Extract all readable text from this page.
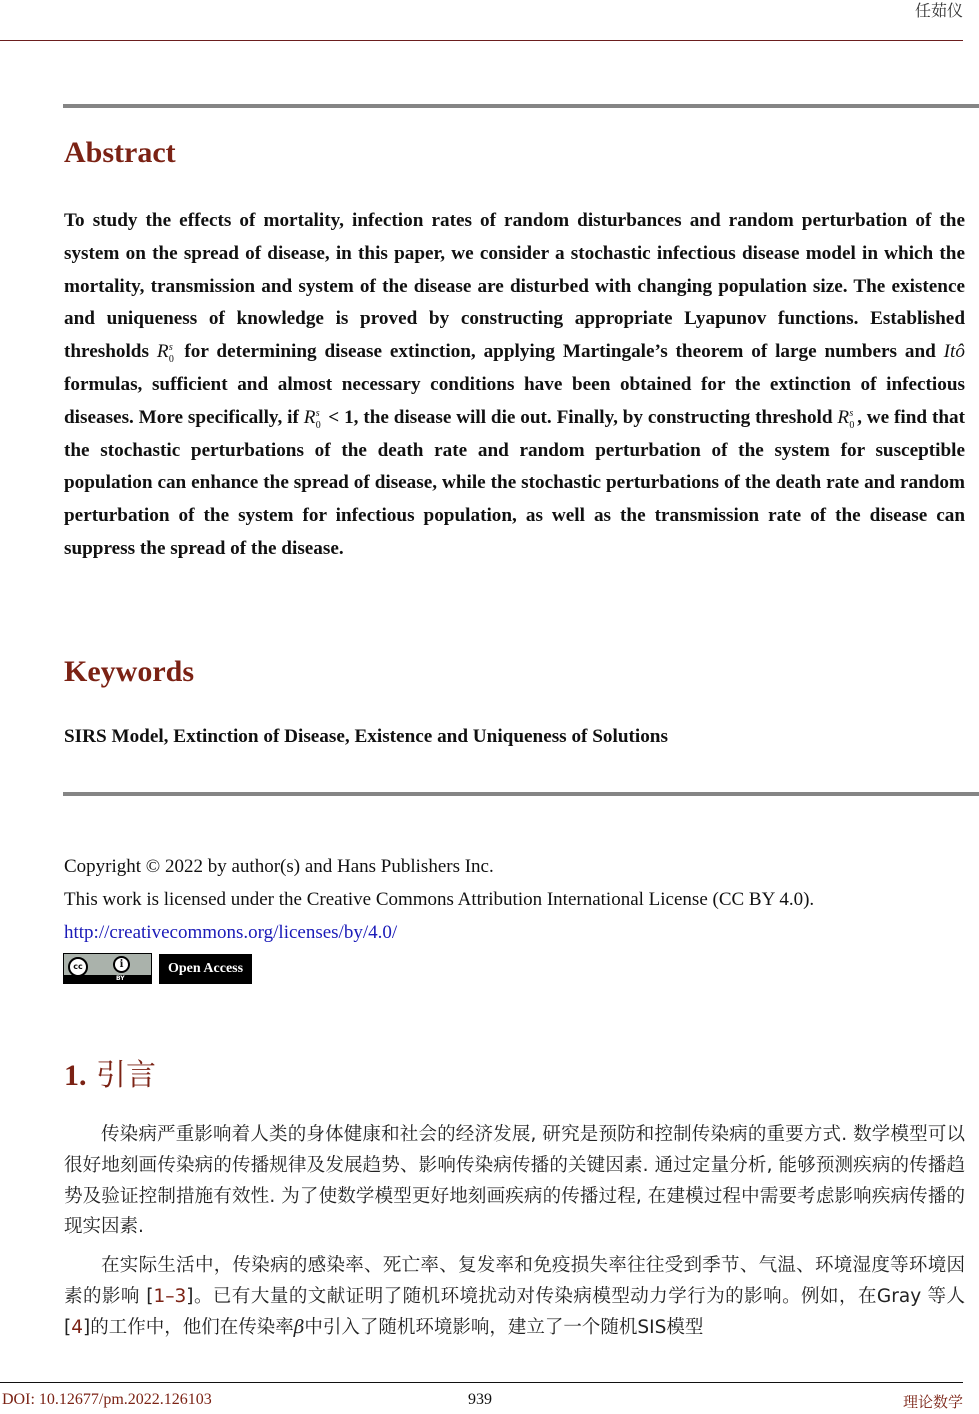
任茹仪
Abstract
To study the effects of mortality, infection rates of random disturbances and random perturbation of the system on the spread of disease, in this paper, we consider a stochastic infectious disease model in which the mortality, transmission and system of the disease are disturbed with changing population size. The existence and uniqueness of knowledge is proved by constructing appropriate Lyapunov functions. Established thresholds R s
0 for determining disease extinction, applying Martingale’s theorem of large numbers and Itô formulas, sufficient and almost necessary conditions have been obtained for the extinction of infectious diseases. More specifically, if R s
0 < 1, the disease will die out. Finally, by constructing threshold R s
0 , we find that the stochastic perturbations of the death rate and random perturbation of the system for susceptible population can enhance the spread of disease, while the stochastic perturbations of the death rate and random perturbation of the system for infectious population, as well as the transmission rate of the disease can suppress the spread of the disease.
Keywords
SIRS Model, Extinction of Disease, Existence and Uniqueness of Solutions
Copyright © 2022 by author(s) and Hans Publishers Inc.
This work is licensed under the Creative Commons Attribution International License (CC BY 4.0).
http://creativecommons.org/licenses/by/4.0/
cc	i
BY
Open Access
1. 引言

传染病严重影响着人类的身体健康和社会的经济发展, 研究是预防和控制传染病的重要方式. 数学模型可以很好地刻画传染病的传播规律及发展趋势、影响传染病传播的关键因素. 通过定量分析, 能够预测疾病的传播趋势及验证控制措施有效性. 为了使数学模型更好地刻画疾病的传播过程, 在建模过程中需要考虑影响疾病传播的现实因素.

在实际生活中，传染病的感染率、死亡率、复发率和免疫损失率往往受到季节、气温、环境湿度等环境因素的影响 [1–3]。已有大量的文献证明了随机环境扰动对传染病模型动力学行为的影响。例如，在Gray 等人 [4]的工作中，他们在传染率β中引入了随机环境影响，建立了一个随机SIS模型

DOI: 10.12677/pm.2022.126103	939	理论数学
